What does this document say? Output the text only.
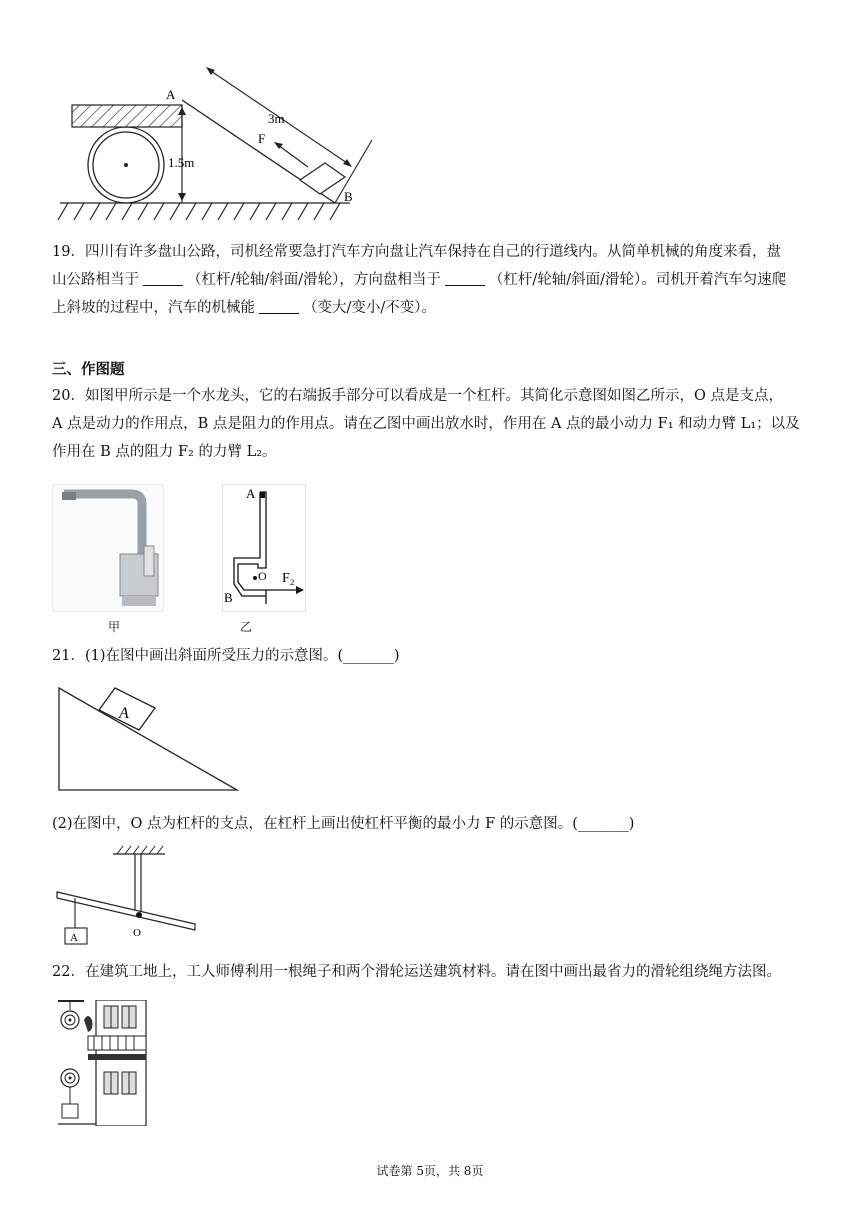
A
B
F
3m
1.5m
19．四川有许多盘山公路，司机经常要急打汽车方向盘让汽车保持在自己的行道线内。从简单机械的角度来看，盘
山公路相当于	（杠杆/轮轴/斜面/滑轮），方向盘相当于	（杠杆/轮轴/斜面/滑轮）。司机开着汽车匀速爬
上斜坡的过程中，汽车的机械能	（变大/变小/不变）。
三、作图题
20．如图甲所示是一个水龙头，它的右端扳手部分可以看成是一个杠杆。其简化示意图如图乙所示，O 点是支点，
A 点是动力的作用点，B 点是阻力的作用点。请在乙图中画出放水时，作用在 A 点的最小动力 F₁ 和动力臂 L₁；以及
作用在 B 点的阻力 F₂ 的力臂 L₂。
甲
A
O
B
F₂
乙
21．(1)在图中画出斜面所受压力的示意图。(_______)
A
(2)在图中，O 点为杠杆的支点，在杠杆上画出使杠杆平衡的最小力 F 的示意图。(_______)
A	O
22．在建筑工地上，工人师傅利用一根绳子和两个滑轮运送建筑材料。请在图中画出最省力的滑轮组绕绳方法图。
试卷第 5页，共 8页
